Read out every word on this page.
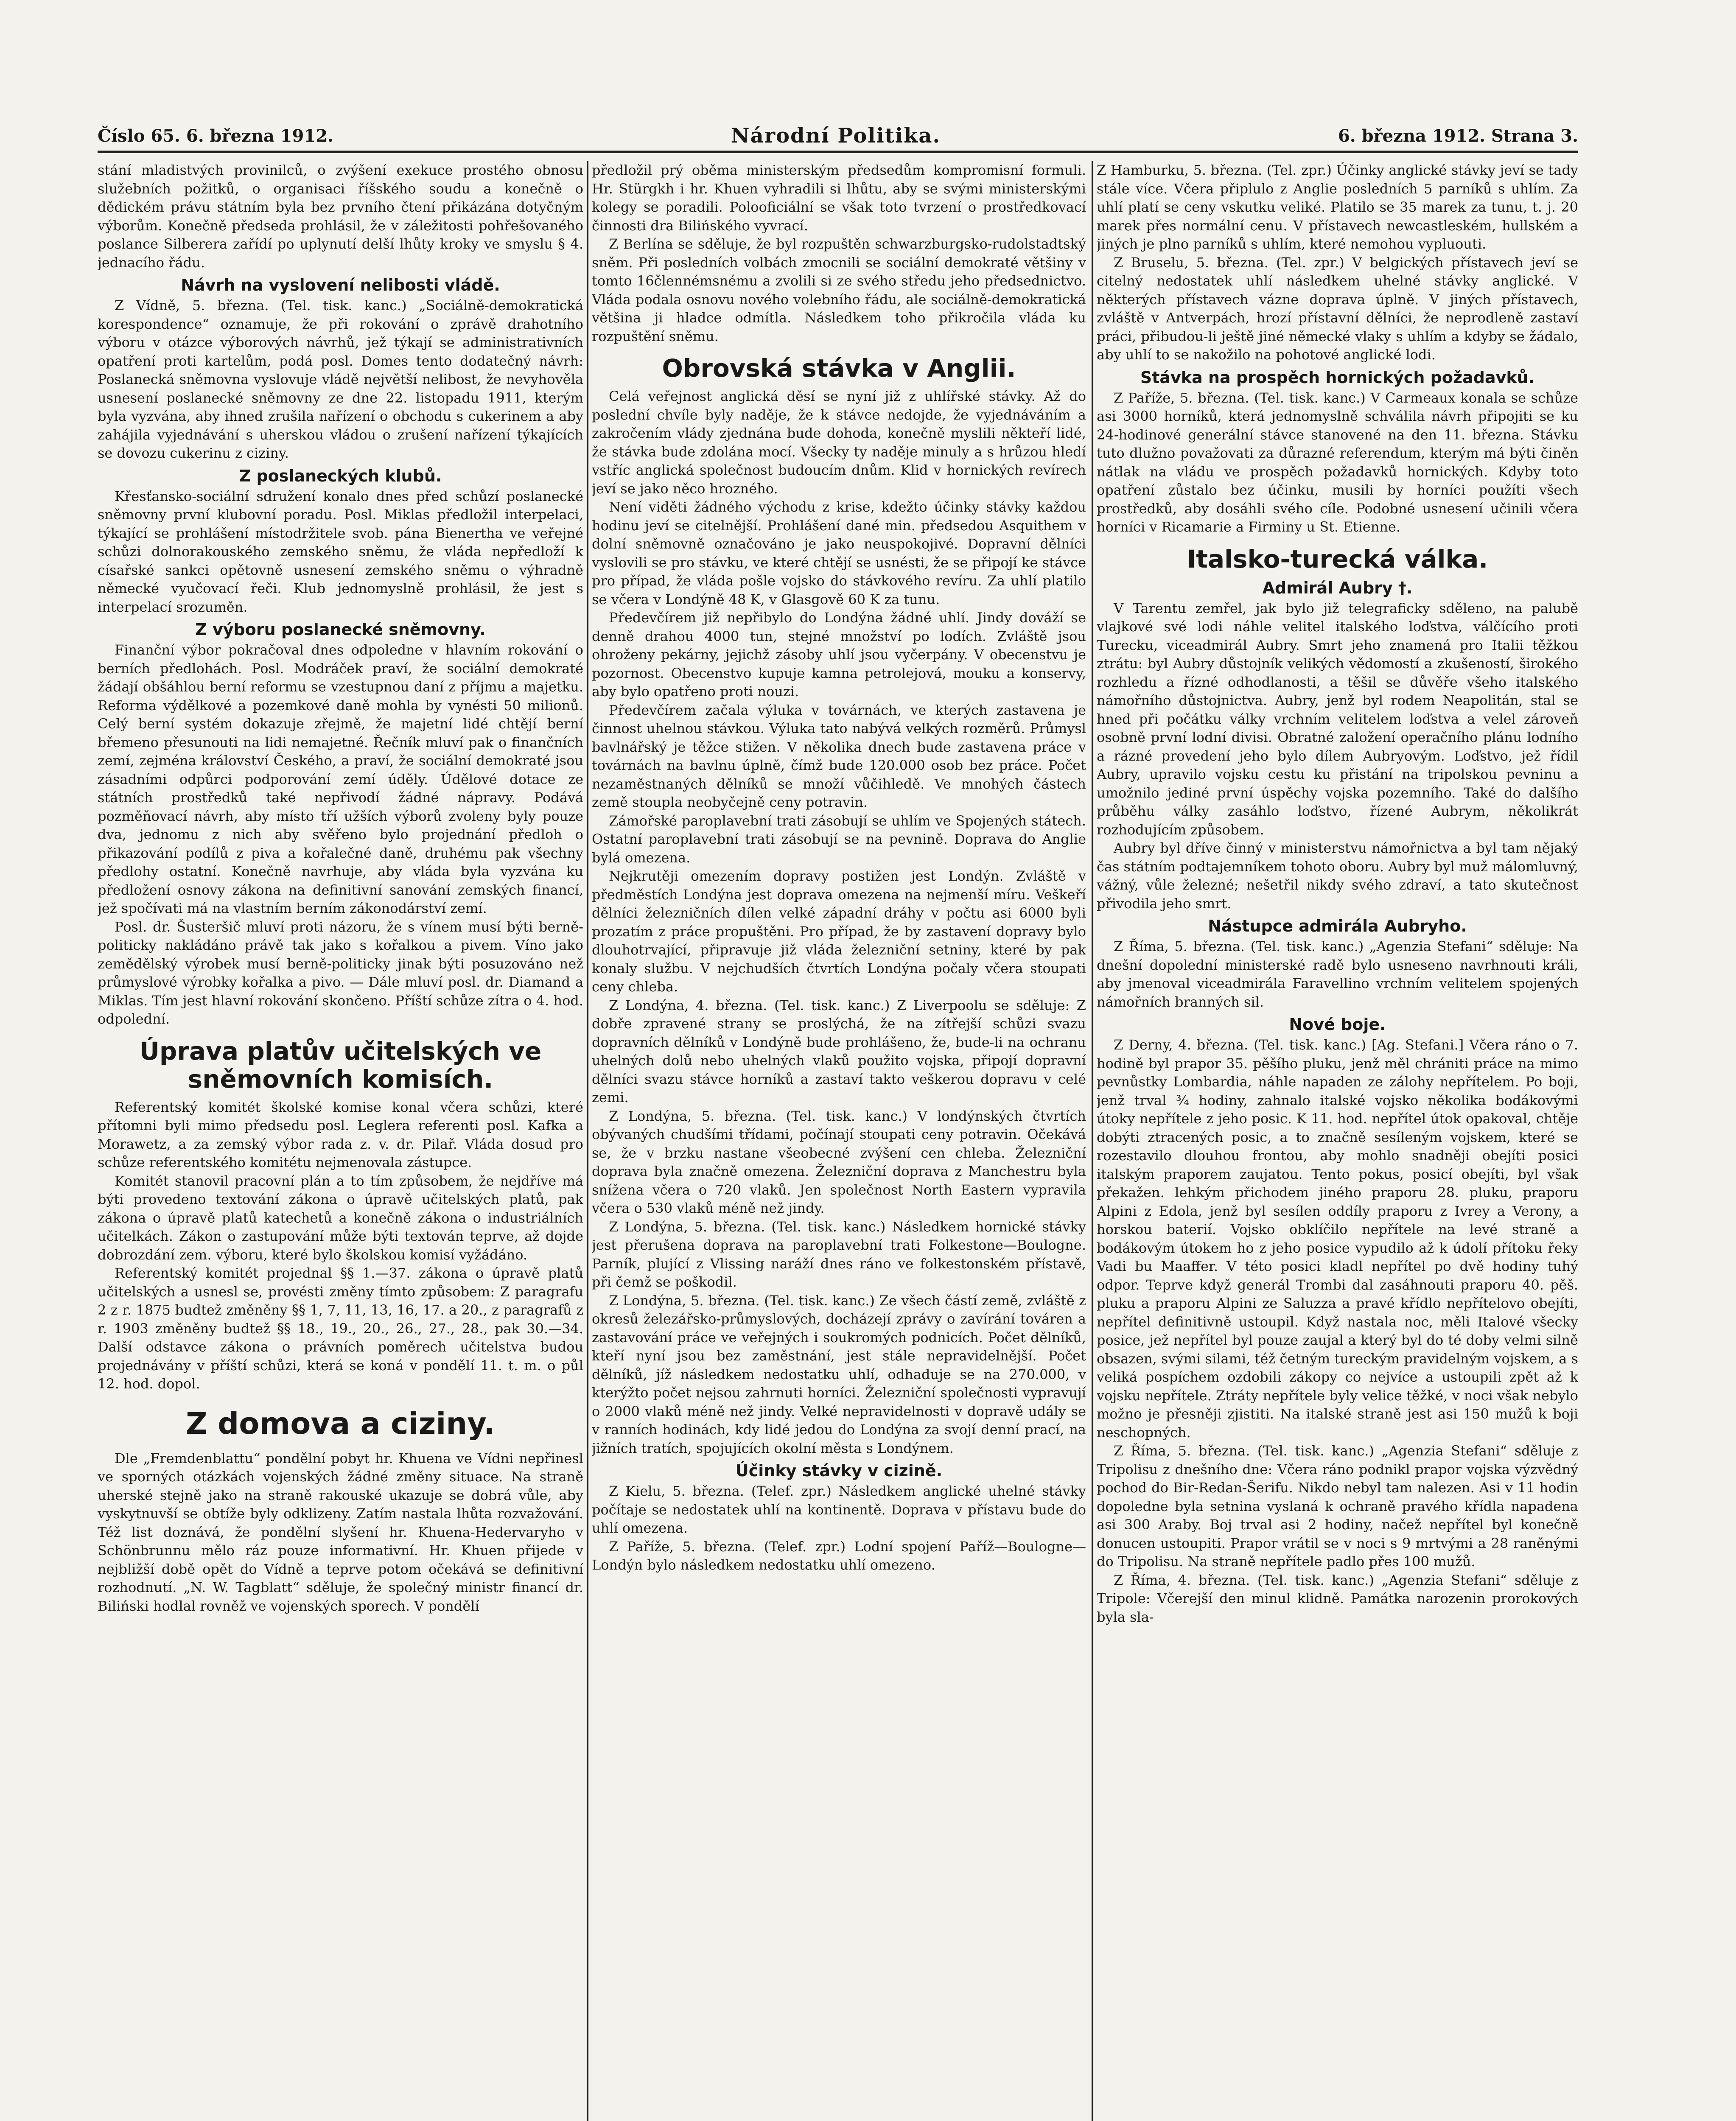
Číslo 65. 6. března 1912.	Národní Politika.	6. března 1912. Strana 3.

stání mladistvých provinilců, o zvýšení exekuce prostého obnosu služebních požitků, o organisaci říšského soudu a konečně o dědickém právu státním byla bez prvního čtení přikázána dotyčným výborům. Konečně předseda prohlásil, že v záležitosti pohřešovaného poslance Silberera zařídí po uplynutí delší lhůty kroky ve smyslu § 4. jednacího řádu.

Návrh na vyslovení nelibosti vládě.

Z Vídně, 5. března. (Tel. tisk. kanc.) „Sociálně-demokratická korespondence“ oznamuje, že při rokování o zprávě drahotního výboru v otázce výborových návrhů, jež týkají se administrativních opatření proti kartelům, podá posl. Domes tento dodatečný návrh: Poslanecká sněmovna vyslovuje vládě největší nelibost, že nevyhověla usnesení poslanecké sněmovny ze dne 22. listopadu 1911, kterým byla vyzvána, aby ihned zrušila nařízení o obchodu s cukerinem a aby zahájila vyjednávání s uherskou vládou o zrušení nařízení týkajících se dovozu cukerinu z ciziny.

Z poslaneckých klubů.

Křesťansko-sociální sdružení konalo dnes před schůzí poslanecké sněmovny první klubovní poradu. Posl. Miklas předložil interpelaci, týkající se prohlášení místodržitele svob. pána Bienertha ve veřejné schůzi dolnorakouského zemského sněmu, že vláda nepředloží k císařské sankci opětovně usnesení zemského sněmu o výhradně německé vyučovací řeči. Klub jednomyslně prohlásil, že jest s interpelací srozuměn.

Z výboru poslanecké sněmovny.

Finanční výbor pokračoval dnes odpoledne v hlavním rokování o berních předlohách. Posl. Modráček praví, že sociální demokraté žádají obšáhlou berní reformu se vzestupnou daní z příjmu a majetku. Reforma výdělkové a pozemkové daně mohla by vynésti 50 milionů. Celý berní systém dokazuje zřejmě, že majetní lidé chtějí berní břemeno přesunouti na lidi nemajetné. Řečník mluví pak o finančních zemí, zejména království Českého, a praví, že sociální demokraté jsou zásadními odpůrci podporování zemí úděly. Údělové dotace ze státních prostředků také nepřivodí žádné nápravy. Podává pozměňovací návrh, aby místo tří užších výborů zvoleny byly pouze dva, jednomu z nich aby svěřeno bylo projednání předloh o přikazování podílů z piva a kořalečné daně, druhému pak všechny předlohy ostatní. Konečně navrhuje, aby vláda byla vyzvána ku předložení osnovy zákona na definitivní sanování zemských financí, jež spočívati má na vlastním berním zákonodárství zemí.

Posl. dr. Šusteršič mluví proti názoru, že s vínem musí býti berně-politicky nakládáno právě tak jako s kořalkou a pivem. Víno jako zemědělský výrobek musí berně-politicky jinak býti posuzováno než průmyslové výrobky kořalka a pivo. — Dále mluví posl. dr. Diamand a Miklas. Tím jest hlavní rokování skončeno. Příští schůze zítra o 4. hod. odpolední.

Úprava platův učitelských ve sněmovních komisích.

Referentský komitét školské komise konal včera schůzi, které přítomni byli mimo předsedu posl. Leglera referenti posl. Kafka a Morawetz, a za zemský výbor rada z. v. dr. Pilař. Vláda dosud pro schůze referentského komitétu nejmenovala zástupce.

Komitét stanovil pracovní plán a to tím způsobem, že nejdříve má býti provedeno textování zákona o úpravě učitelských platů, pak zákona o úpravě platů katechetů a konečně zákona o industriálních učitelkách. Zákon o zastupování může býti textován teprve, až dojde dobrozdání zem. výboru, které bylo školskou komisí vyžádáno.

Referentský komitét projednal §§ 1.—37. zákona o úpravě platů učitelských a usnesl se, provésti změny tímto způsobem: Z paragrafu 2 z r. 1875 budtež změněny §§ 1, 7, 11, 13, 16, 17. a 20., z paragrafů z r. 1903 změněny budtež §§ 18., 19., 20., 26., 27., 28., pak 30.—34. Další odstavce zákona o právních poměrech učitelstva budou projednávány v příští schůzi, která se koná v pondělí 11. t. m. o půl 12. hod. dopol.

Z domova a ciziny.

Dle „Fremdenblattu“ pondělní pobyt hr. Khuena ve Vídni nepřinesl ve sporných otázkách vojenských žádné změny situace. Na straně uherské stejně jako na straně rakouské ukazuje se dobrá vůle, aby vyskytnuvší se obtíže byly odklizeny. Zatím nastala lhůta rozvažování. Též list doznává, že pondělní slyšení hr. Khuena-Hedervaryho v Schönbrunnu mělo ráz pouze informativní. Hr. Khuen přijede v nejbližší době opět do Vídně a teprve potom očekává se definitivní rozhodnutí. „N. W. Tagblatt“ sděluje, že společný ministr financí dr. Biliński hodlal rovněž ve vojenských sporech. V pondělí

předložil prý oběma ministerským předsedům kompromisní formuli. Hr. Stürgkh i hr. Khuen vyhradili si lhůtu, aby se svými ministerskými kolegy se poradili. Polooficiální se však toto tvrzení o prostředkovací činnosti dra Bilińského vyvrací.

Z Berlína se sděluje, že byl rozpuštěn schwarzburgsko-rudolstadtský sněm. Při posledních volbách zmocnili se sociální demokraté většiny v tomto 16člennémsnému a zvolili si ze svého středu jeho předsednictvo. Vláda podala osnovu nového volebního řádu, ale sociálně-demokratická většina ji hladce odmítla. Následkem toho přikročila vláda ku rozpuštění sněmu.

Obrovská stávka v Anglii.

Celá veřejnost anglická děsí se nyní již z uhlířské stávky. Až do poslední chvíle byly naděje, že k stávce nedojde, že vyjednáváním a zakročením vlády zjednána bude dohoda, konečně myslili někteří lidé, že stávka bude zdolána mocí. Všecky ty naděje minuly a s hrůzou hledí vstříc anglická společnost budoucím dnům. Klid v hornických revírech jeví se jako něco hrozného.

Není viděti žádného východu z krise, kdežto účinky stávky každou hodinu jeví se citelnější. Prohlášení dané min. předsedou Asquithem v dolní sněmovně označováno je jako neuspokojivé. Dopravní dělníci vyslovili se pro stávku, ve které chtějí se usnésti, že se připojí ke stávce pro případ, že vláda pošle vojsko do stávkového revíru. Za uhlí platilo se včera v Londýně 48 K, v Glasgově 60 K za tunu.

Předevčírem již nepřibylo do Londýna žádné uhlí. Jindy dováží se denně drahou 4000 tun, stejné množství po lodích. Zvláště jsou ohroženy pekárny, jejichž zásoby uhlí jsou vyčerpány. V obecenstvu je pozornost. Obecenstvo kupuje kamna petrolejová, mouku a konservy, aby bylo opatřeno proti nouzi.

Předevčírem začala výluka v továrnách, ve kterých zastavena je činnost uhelnou stávkou. Výluka tato nabývá velkých rozměrů. Průmysl bavlnářský je těžce stižen. V několika dnech bude zastavena práce v továrnách na bavlnu úplně, čímž bude 120.000 osob bez práce. Počet nezaměstnaných dělníků se množí vůčihledě. Ve mnohých částech země stoupla neobyčejně ceny potravin.

Zámořské paroplavební trati zásobují se uhlím ve Spojených státech. Ostatní paroplavební trati zásobují se na pevnině. Doprava do Anglie bylá omezena.

Nejkrutěji omezením dopravy postižen jest Londýn. Zvláště v předměstích Londýna jest doprava omezena na nejmenší míru. Veškeří dělníci železničních dílen velké západní dráhy v počtu asi 6000 byli prozatím z práce propuštěni. Pro případ, že by zastavení dopravy bylo dlouhotrvající, připravuje již vláda železniční setniny, které by pak konaly službu. V nejchudších čtvrtích Londýna počaly včera stoupati ceny chleba.

Z Londýna, 4. března. (Tel. tisk. kanc.) Z Liverpoolu se sděluje: Z dobře zpravené strany se proslýchá, že na zítřejší schůzi svazu dopravních dělníků v Londýně bude prohlášeno, že, bude-li na ochranu uhelných dolů nebo uhelných vlaků použito vojska, připojí dopravní dělníci svazu stávce horníků a zastaví takto veškerou dopravu v celé zemi.

Z Londýna, 5. března. (Tel. tisk. kanc.) V londýnských čtvrtích obývaných chudšími třídami, počínají stoupati ceny potravin. Očekává se, že v brzku nastane všeobecné zvýšení cen chleba. Železniční doprava byla značně omezena. Železniční doprava z Manchestru byla snížena včera o 720 vlaků. Jen společnost North Eastern vypravila včera o 530 vlaků méně než jindy.

Z Londýna, 5. března. (Tel. tisk. kanc.) Následkem hornické stávky jest přerušena doprava na paroplavební trati Folkestone—Boulogne. Parník, plující z Vlissing naráží dnes ráno ve folkestonském přístavě, při čemž se poškodil.

Z Londýna, 5. března. (Tel. tisk. kanc.) Ze všech částí země, zvláště z okresů železářsko-průmyslových, docházejí zprávy o zavírání továren a zastavování práce ve veřejných i soukromých podnicích. Počet dělníků, kteří nyní jsou bez zaměstnání, jest stále nepravidelnější. Počet dělníků, jíž následkem nedostatku uhlí, odhaduje se na 270.000, v kterýžto počet nejsou zahrnuti horníci. Železniční společnosti vypravují o 2000 vlaků méně než jindy. Velké nepravidelnosti v dopravě udály se v ranních hodinách, kdy lidé jedou do Londýna za svojí denní prací, na jižních tratích, spojujících okolní města s Londýnem.

Účinky stávky v cizině.

Z Kielu, 5. března. (Telef. zpr.) Následkem anglické uhelné stávky počítaje se nedostatek uhlí na kontinentě. Doprava v přístavu bude do uhlí omezena.

Z Paříže, 5. března. (Telef. zpr.) Lodní spojení Paříž—Boulogne—Londýn bylo následkem nedostatku uhlí omezeno.

Z Hamburku, 5. března. (Tel. zpr.) Účinky anglické stávky jeví se tady stále více. Včera připlulo z Anglie posledních 5 parníků s uhlím. Za uhlí platí se ceny vskutku veliké. Platilo se 35 marek za tunu, t. j. 20 marek přes normální cenu. V přístavech newcastleském, hullském a jiných je plno parníků s uhlím, které nemohou vypluouti.

Z Bruselu, 5. března. (Tel. zpr.) V belgických přístavech jeví se citelný nedostatek uhlí následkem uhelné stávky anglické. V některých přístavech vázne doprava úplně. V jiných přístavech, zvláště v Antverpách, hrozí přístavní dělníci, že neprodleně zastaví práci, přibudou-li ještě jiné německé vlaky s uhlím a kdyby se žádalo, aby uhlí to se nakožilo na pohotové anglické lodi.

Stávka na prospěch hornických požadavků.

Z Paříže, 5. března. (Tel. tisk. kanc.) V Carmeaux konala se schůze asi 3000 horníků, která jednomyslně schválila návrh připojiti se ku 24-hodinové generální stávce stanovené na den 11. března. Stávku tuto dlužno považovati za důrazné referendum, kterým má býti činěn nátlak na vládu ve prospěch požadavků hornických. Kdyby toto opatření zůstalo bez účinku, musili by horníci použíti všech prostředků, aby dosáhli svého cíle. Podobné usnesení učinili včera horníci v Ricamarie a Firminy u St. Etienne.

Italsko-turecká válka.
Admirál Aubry †.

V Tarentu zemřel, jak bylo již telegraficky sděleno, na palubě vlajkové své lodi náhle velitel italského loďstva, válčícího proti Turecku, viceadmirál Aubry. Smrt jeho znamená pro Italii těžkou ztrátu: byl Aubry důstojník velikých vědomostí a zkušeností, širokého rozhledu a řízné odhodlanosti, a těšil se důvěře všeho italského námořního důstojnictva. Aubry, jenž byl rodem Neapolitán, stal se hned při počátku války vrchním velitelem loďstva a velel zároveň osobně první lodní divisi. Obratné založení operačního plánu lodního a rázné provedení jeho bylo dílem Aubryovým. Loďstvo, jež řídil Aubry, upravilo vojsku cestu ku přistání na tripolskou pevninu a umožnilo jediné první úspěchy vojska pozemního. Také do dalšího průběhu války zasáhlo loďstvo, řízené Aubrym, několikrát rozhodujícím způsobem.

Aubry byl dříve činný v ministerstvu námořnictva a byl tam nějaký čas státním podtajemníkem tohoto oboru. Aubry byl muž málomluvný, vážný, vůle železné; nešetřil nikdy svého zdraví, a tato skutečnost přivodila jeho smrt.

Nástupce admirála Aubryho.

Z Říma, 5. března. (Tel. tisk. kanc.) „Agenzia Stefani“ sděluje: Na dnešní dopolední ministerské radě bylo usneseno navrhnouti králi, aby jmenoval viceadmirála Faravellino vrchním velitelem spojených námořních branných sil.

Nové boje.

Z Derny, 4. března. (Tel. tisk. kanc.) [Ag. Stefani.] Včera ráno o 7. hodině byl prapor 35. pěšího pluku, jenž měl chrániti práce na mimo pevnůstky Lombardia, náhle napaden ze zálohy nepřítelem. Po boji, jenž trval ¾ hodiny, zahnalo italské vojsko několika bodákovými útoky nepřítele z jeho posic. K 11. hod. nepřítel útok opakoval, chtěje dobýti ztracených posic, a to značně sesíleným vojskem, které se rozestavilo dlouhou frontou, aby mohlo snadněji obejíti posici italským praporem zaujatou. Tento pokus, posicí obejíti, byl však překažen. lehkým přichodem jiného praporu 28. pluku, praporu Alpini z Edola, jenž byl sesílen oddíly praporu z Ivrey a Verony, a horskou baterií. Vojsko obklíčilo nepřítele na levé straně a bodákovým útokem ho z jeho posice vypudilo až k údolí přítoku řeky Vadi bu Maaffer. V této posici kladl nepřítel po dvě hodiny tuhý odpor. Teprve když generál Trombi dal zasáhnouti praporu 40. pěš. pluku a praporu Alpini ze Saluzza a pravé křídlo nepřítelovo obejíti, nepřítel definitivně ustoupil. Když nastala noc, měli Italové všecky posice, jež nepřítel byl pouze zaujal a který byl do té doby velmi silně obsazen, svými silami, též četným tureckým pravidelným vojskem, a s veliká pospíchem ozdobili zákopy co nejvíce a ustoupili zpět až k vojsku nepřítele. Ztráty nepřítele byly velice těžké, v noci však nebylo možno je přesněji zjistiti. Na italské straně jest asi 150 mužů k boji neschopných.

Z Říma, 5. března. (Tel. tisk. kanc.) „Agenzia Stefani“ sděluje z Tripolisu z dnešního dne: Včera ráno podnikl prapor vojska výzvědný pochod do Bir-Redan-Šerifu. Nikdo nebyl tam nalezen. Asi v 11 hodin dopoledne byla setnina vyslaná k ochraně pravého křídla napadena asi 300 Araby. Boj trval asi 2 hodiny, načež nepřítel byl konečně donucen ustoupiti. Prapor vrátil se v noci s 9 mrtvými a 28 raněnými do Tripolisu. Na straně nepřítele padlo přes 100 mužů.

Z Říma, 4. března. (Tel. tisk. kanc.) „Agenzia Stefani“ sděluje z Tripole: Včerejší den minul klidně. Památka narozenin prorokových byla sla-
